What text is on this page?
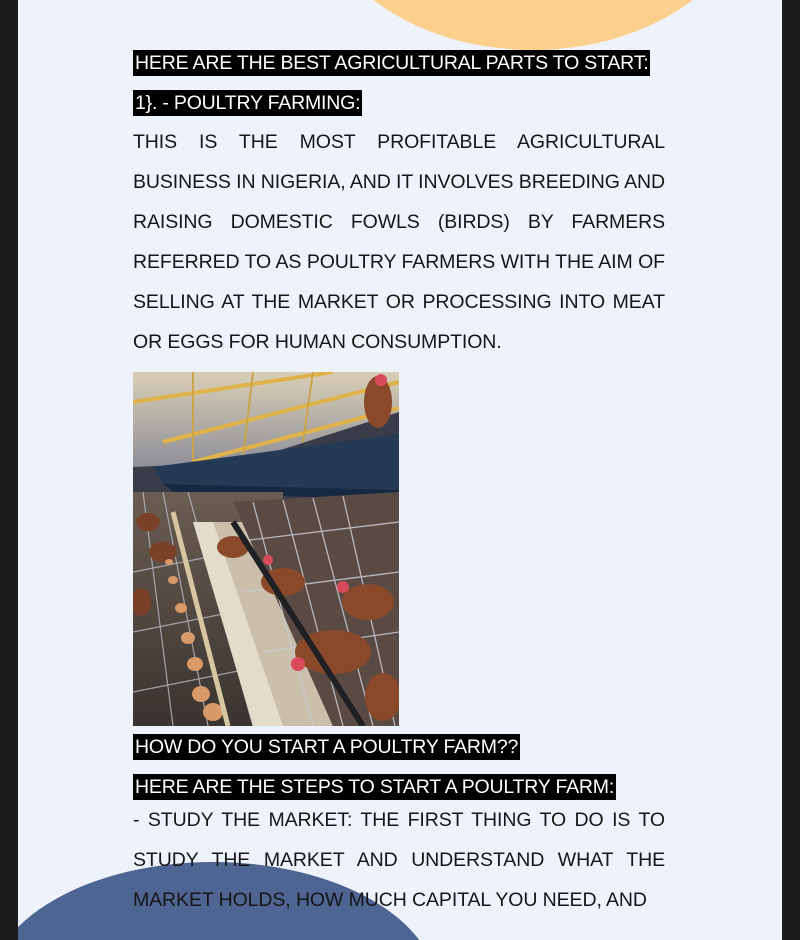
HERE ARE THE BEST AGRICULTURAL PARTS TO START:
1}. - POULTRY FARMING:

THIS IS THE MOST PROFITABLE AGRICULTURAL BUSINESS IN NIGERIA, AND IT INVOLVES BREEDING AND RAISING DOMESTIC FOWLS (BIRDS) BY FARMERS REFERRED TO AS POULTRY FARMERS WITH THE AIM OF SELLING AT THE MARKET OR PROCESSING INTO MEAT OR EGGS FOR HUMAN CONSUMPTION.

HOW DO YOU START A POULTRY FARM??
HERE ARE THE STEPS TO START A POULTRY FARM:

- STUDY THE MARKET: THE FIRST THING TO DO IS TO STUDY THE MARKET AND UNDERSTAND WHAT THE MARKET HOLDS, HOW MUCH CAPITAL YOU NEED, AND
